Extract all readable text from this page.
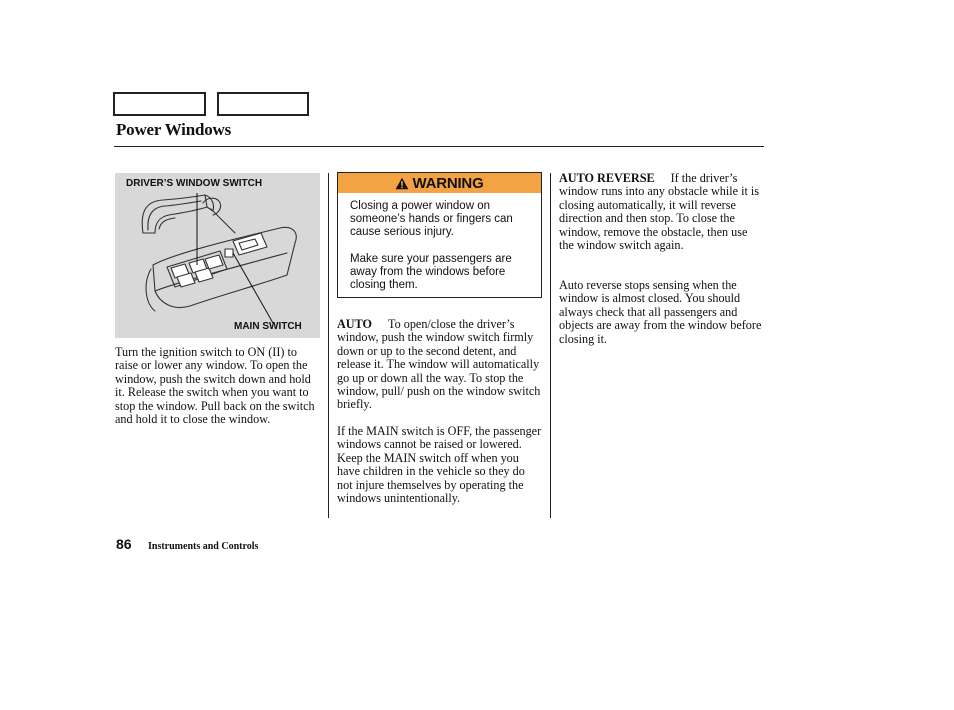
Power Windows
DRIVER’S WINDOW SWITCH
MAIN SWITCH

Turn the ignition switch to ON (II) to raise or lower any window. To open the window, push the switch down and hold it. Release the switch when you want to stop the window. Pull back on the switch and hold it to close the window.

WARNING

Closing a power window on someone’s hands or fingers can cause serious injury.

Make sure your passengers are away from the windows before closing them.

AUTO To open/close the driver’s window, push the window switch firmly down or up to the second detent, and release it. The window will automatically go up or down all the way. To stop the window, pull/ push on the window switch briefly.

If the MAIN switch is OFF, the passenger windows cannot be raised or lowered. Keep the MAIN switch off when you have children in the vehicle so they do not injure themselves by operating the windows unintentionally.

AUTO REVERSE If the driver’s window runs into any obstacle while it is closing automatically, it will reverse direction and then stop. To close the window, remove the obstacle, then use the window switch again.

Auto reverse stops sensing when the window is almost closed. You should always check that all passengers and objects are away from the window before closing it.

86 Instruments and Controls
